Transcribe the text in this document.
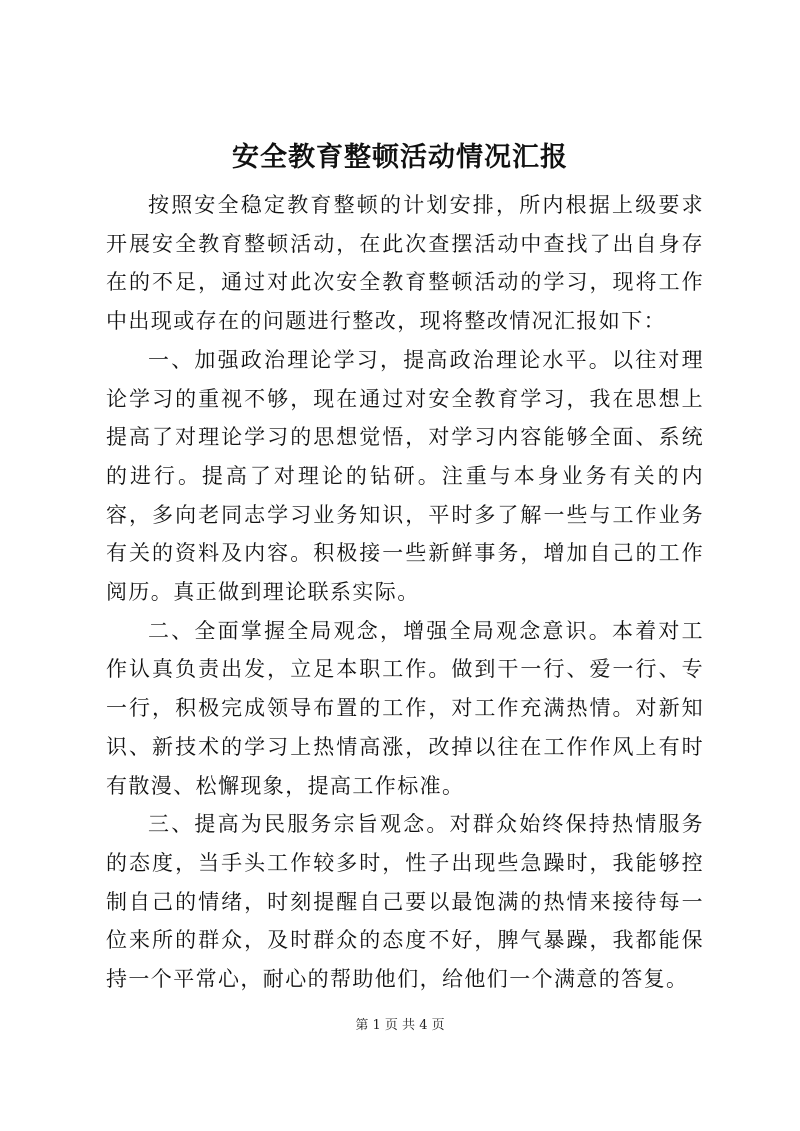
安全教育整顿活动情况汇报

按照安全稳定教育整顿的计划安排，所内根据上级要求开展安全教育整顿活动，在此次查摆活动中查找了出自身存在的不足，通过对此次安全教育整顿活动的学习，现将工作中出现或存在的问题进行整改，现将整改情况汇报如下：

一、加强政治理论学习，提高政治理论水平。以往对理论学习的重视不够，现在通过对安全教育学习，我在思想上提高了对理论学习的思想觉悟，对学习内容能够全面、系统的进行。提高了对理论的钻研。注重与本身业务有关的内容，多向老同志学习业务知识，平时多了解一些与工作业务有关的资料及内容。积极接一些新鲜事务，增加自己的工作阅历。真正做到理论联系实际。

二、全面掌握全局观念，增强全局观念意识。本着对工作认真负责出发，立足本职工作。做到干一行、爱一行、专一行，积极完成领导布置的工作，对工作充满热情。对新知识、新技术的学习上热情高涨，改掉以往在工作作风上有时有散漫、松懈现象，提高工作标准。

三、提高为民服务宗旨观念。对群众始终保持热情服务的态度，当手头工作较多时，性子出现些急躁时，我能够控制自己的情绪，时刻提醒自己要以最饱满的热情来接待每一位来所的群众，及时群众的态度不好，脾气暴躁，我都能保持一个平常心，耐心的帮助他们，给他们一个满意的答复。

第 1 页 共 4 页
